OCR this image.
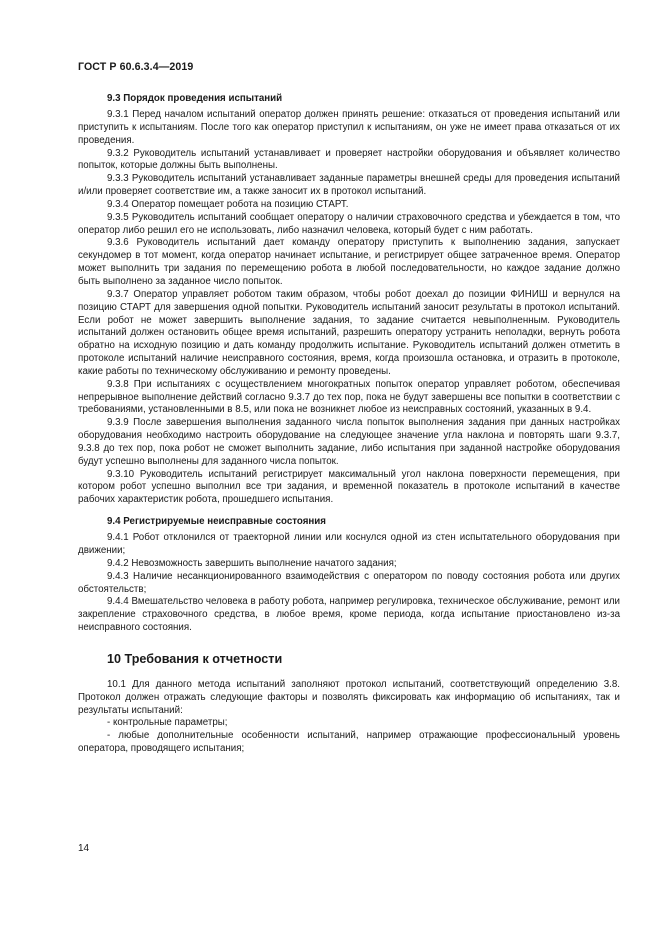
ГОСТ Р 60.6.3.4—2019

9.3 Порядок проведения испытаний

9.3.1 Перед началом испытаний оператор должен принять решение: отказаться от проведения испытаний или приступить к испытаниям. После того как оператор приступил к испытаниям, он уже не имеет права отказаться от их проведения.

9.3.2 Руководитель испытаний устанавливает и проверяет настройки оборудования и объявляет количество попыток, которые должны быть выполнены.

9.3.3 Руководитель испытаний устанавливает заданные параметры внешней среды для проведения испытаний и/или проверяет соответствие им, а также заносит их в протокол испытаний.

9.3.4 Оператор помещает робота на позицию СТАРТ.

9.3.5 Руководитель испытаний сообщает оператору о наличии страховочного средства и убеждается в том, что оператор либо решил его не использовать, либо назначил человека, который будет с ним работать.

9.3.6 Руководитель испытаний дает команду оператору приступить к выполнению задания, запускает секундомер в тот момент, когда оператор начинает испытание, и регистрирует общее затраченное время. Оператор может выполнить три задания по перемещению робота в любой последовательности, но каждое задание должно быть выполнено за заданное число попыток.

9.3.7 Оператор управляет роботом таким образом, чтобы робот доехал до позиции ФИНИШ и вернулся на позицию СТАРТ для завершения одной попытки. Руководитель испытаний заносит результаты в протокол испытаний. Если робот не может завершить выполнение задания, то задание считается невыполненным. Руководитель испытаний должен остановить общее время испытаний, разрешить оператору устранить неполадки, вернуть робота обратно на исходную позицию и дать команду продолжить испытание. Руководитель испытаний должен отметить в протоколе испытаний наличие неисправного состояния, время, когда произошла остановка, и отразить в протоколе, какие работы по техническому обслуживанию и ремонту проведены.

9.3.8 При испытаниях с осуществлением многократных попыток оператор управляет роботом, обеспечивая непрерывное выполнение действий согласно 9.3.7 до тех пор, пока не будут завершены все попытки в соответствии с требованиями, установленными в 8.5, или пока не возникнет любое из неисправных состояний, указанных в 9.4.

9.3.9 После завершения выполнения заданного числа попыток выполнения задания при данных настройках оборудования необходимо настроить оборудование на следующее значение угла наклона и повторять шаги 9.3.7, 9.3.8 до тех пор, пока робот не сможет выполнить задание, либо испытания при заданной настройке оборудования будут успешно выполнены для заданного числа попыток.

9.3.10 Руководитель испытаний регистрирует максимальный угол наклона поверхности перемещения, при котором робот успешно выполнил все три задания, и временной показатель в протоколе испытаний в качестве рабочих характеристик робота, прошедшего испытания.

9.4 Регистрируемые неисправные состояния

9.4.1 Робот отклонился от траекторной линии или коснулся одной из стен испытательного оборудования при движении;

9.4.2 Невозможность завершить выполнение начатого задания;

9.4.3 Наличие несанкционированного взаимодействия с оператором по поводу состояния робота или других обстоятельств;

9.4.4 Вмешательство человека в работу робота, например регулировка, техническое обслуживание, ремонт или закрепление страховочного средства, в любое время, кроме периода, когда испытание приостановлено из-за неисправного состояния.

10 Требования к отчетности

10.1 Для данного метода испытаний заполняют протокол испытаний, соответствующий определению 3.8. Протокол должен отражать следующие факторы и позволять фиксировать как информацию об испытаниях, так и результаты испытаний:

- контрольные параметры;

- любые дополнительные особенности испытаний, например отражающие профессиональный уровень оператора, проводящего испытания;

14
